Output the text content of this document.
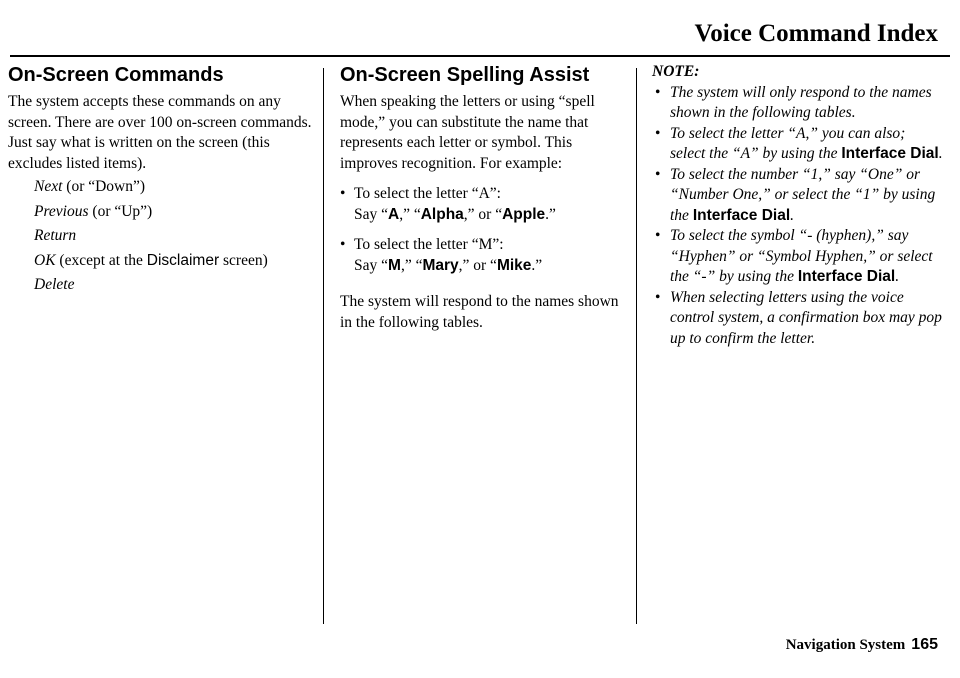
Voice Command Index
On-Screen Commands

The system accepts these commands on any screen. There are over 100 on-screen commands. Just say what is written on the screen (this excludes listed items).

Next (or “Down”)
Previous (or “Up”)
Return
OK (except at the Disclaimer screen)
Delete
On-Screen Spelling Assist

When speaking the letters or using “spell mode,” you can substitute the name that represents each letter or symbol. This improves recognition. For example:

• To select the letter “A”:
Say “A,” “Alpha,” or “Apple.”
• To select the letter “M”:
Say “M,” “Mary,” or “Mike.”

The system will respond to the names shown in the following tables.

NOTE:
• The system will only respond to the names shown in the following tables.
• To select the letter “A,” you can also; select the “A” by using the Interface Dial.
• To select the number “1,” say “One” or “Number One,” or select the “1” by using the Interface Dial.
• To select the symbol “- (hyphen),” say “Hyphen” or “Symbol Hyphen,” or select the “-” by using the Interface Dial.
• When selecting letters using the voice control system, a confirmation box may pop up to confirm the letter.
Navigation System 165
